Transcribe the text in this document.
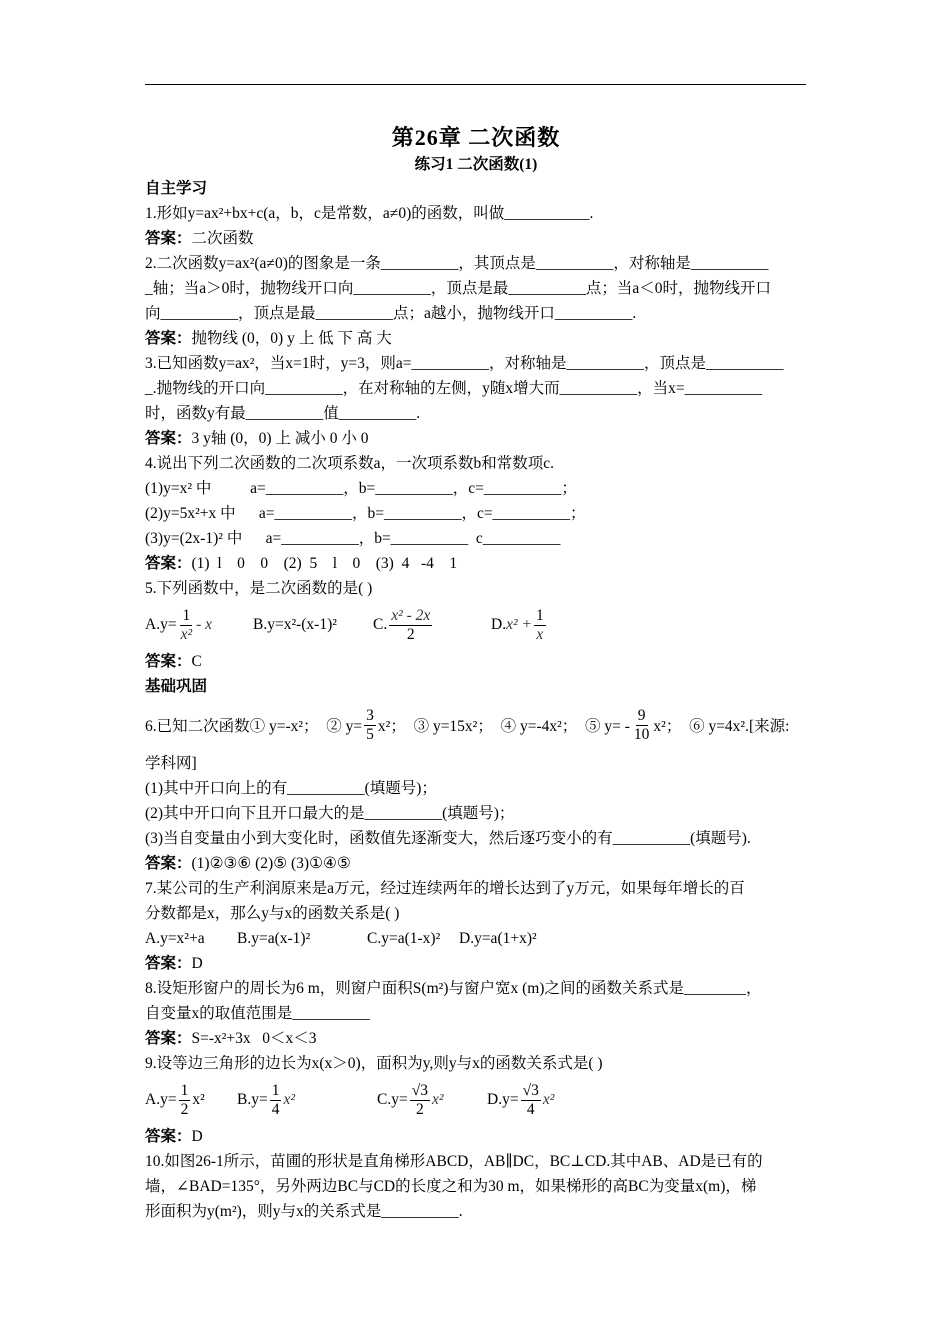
第26章 二次函数
练习1 二次函数(1)
自主学习
1.形如y=ax²+bx+c(a，b，c是常数，a≠0)的函数，叫做___________.
答案：二次函数
2.二次函数y=ax²(a≠0)的图象是一条__________，其顶点是__________，对称轴是__________
_轴；当a＞0时，抛物线开口向__________，顶点是最__________点；当a＜0时，抛物线开口
向__________，顶点是最__________点；a越小，抛物线开口__________.
答案：抛物线 (0，0) y 上 低 下 高 大
3.已知函数y=ax²，当x=1时，y=3，则a=__________，对称轴是__________，顶点是__________
_.抛物线的开口向__________，在对称轴的左侧，y随x增大而__________，当x=__________
时，函数y有最__________值__________.
答案：3 y轴 (0，0) 上 减小 0 小 0
4.说出下列二次函数的二次项系数a，一次项系数b和常数项c.
(1)y=x² 中          a=__________，b=__________，c=__________；
(2)y=5x²+x 中      a=__________，b=__________，c=__________；
(3)y=(2x-1)² 中      a=__________，b=__________  c__________
答案：(1)  l    0    0    (2)  5    l    0    (3)  4   -4    1
5.下列函数中，是二次函数的是( )
$A.y= \frac{1}{\text{x²}} - x$	B.y=x²-(x-1)²	C. $\frac{\text{x² - 2x}}{2}$	D. $x^2 + \frac{1}{x}$
答案：C
基础巩固
6.已知二次函数① y=-x²；  ② $y= \frac{3}{5} x^2$；  ③ y=15x²；  ④ y=-4x²；  ⑤ $y= - \frac{9}{10} x^2$；  ⑥ y=4x².[来源:
学科网]
(1)其中开口向上的有__________(填题号)；
(2)其中开口向下且开口最大的是__________(填题号)；
(3)当自变量由小到大变化时，函数值先逐渐变大，然后逐巧变小的有__________(填题号).
答案：(1)②③⑥ (2)⑤ (3)①④⑤
7.某公司的生产利润原来是a万元，经过连续两年的增长达到了y万元，如果每年增长的百
分数都是x，那么y与x的函数关系是( )
A.y=x²+a B.y=a(x-1)²	C.y=a(1-x)² D.y=a(1+x)²
答案：D
8.设矩形窗户的周长为6 m，则窗户面积S(m²)与窗户宽x (m)之间的函数关系式是________，
自变量x的取值范围是__________
答案：S=-x²+3x   0＜x＜3
9.设等边三角形的边长为x(x＞0)，面积为y,则y与x的函数关系式是( )
$A.y= \frac{1}{2} x^2$ $B.y= \frac{1}{4} x^2$	$C.y= \frac{√3}{2} x^2$	$D.y= \frac{√3}{4} x^2$
答案：D
10.如图26-1所示，苗圃的形状是直角梯形ABCD，AB∥DC，BC⊥CD.其中AB、AD是已有的
墙，∠BAD=135°，另外两边BC与CD的长度之和为30 m，如果梯形的高BC为变量x(m)，梯
形面积为y(m²)，则y与x的关系式是__________.
